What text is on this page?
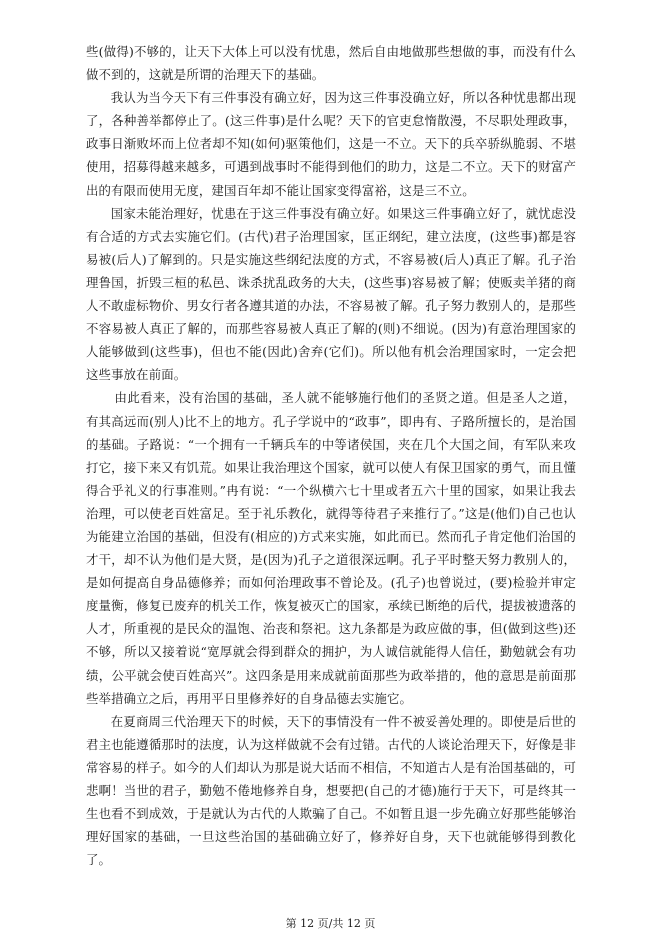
些(做得)不够的，让天下大体上可以没有忧患，然后自由地做那些想做的事，而没有什么做不到的，这就是所谓的治理天下的基础。

我认为当今天下有三件事没有确立好，因为这三件事没确立好，所以各种忧患都出现了，各种善举都停止了。(这三件事)是什么呢？天下的官吏怠惰散漫，不尽职处理政事，政事日渐败坏而上位者却不知(如何)驱策他们，这是一不立。天下的兵卒骄纵脆弱、不堪使用，招募得越来越多，可遇到战事时不能得到他们的助力，这是二不立。天下的财富产出的有限而使用无度，建国百年却不能让国家变得富裕，这是三不立。

国家未能治理好，忧患在于这三件事没有确立好。如果这三件事确立好了，就忧虑没有合适的方式去实施它们。(古代)君子治理国家，匡正纲纪，建立法度，(这些事)都是容易被(后人)了解到的。只是实施这些纲纪法度的方式，不容易被(后人)真正了解。孔子治理鲁国，折毁三桓的私邑、诛杀扰乱政务的大夫，(这些事)容易被了解；使贩卖羊猪的商人不敢虚标物价、男女行者各遵其道的办法，不容易被了解。孔子努力教别人的，是那些不容易被人真正了解的，而那些容易被人真正了解的(则)不细说。(因为)有意治理国家的人能够做到(这些事)，但也不能(因此)舍弃(它们)。所以他有机会治理国家时，一定会把这些事放在前面。

由此看来，没有治国的基础，圣人就不能够施行他们的圣贤之道。但是圣人之道，有其高远而(别人)比不上的地方。孔子学说中的“政事”，即冉有、子路所擅长的，是治国的基础。子路说：“一个拥有一千辆兵车的中等诸侯国，夹在几个大国之间，有军队来攻打它，接下来又有饥荒。如果让我治理这个国家，就可以使人有保卫国家的勇气，而且懂得合乎礼义的行事准则。”冉有说：“一个纵横六七十里或者五六十里的国家，如果让我去治理，可以使老百姓富足。至于礼乐教化，就得等待君子来推行了。”这是(他们)自己也认为能建立治国的基础，但没有(相应的)方式来实施，如此而已。然而孔子肯定他们治国的才干，却不认为他们是大贤，是(因为)孔子之道很深远啊。孔子平时整天努力教别人的，是如何提高自身品德修养；而如何治理政事不曾论及。(孔子)也曾说过，(要)检验并审定度量衡，修复已废弃的机关工作，恢复被灭亡的国家，承续已断绝的后代，提拔被遗落的人才，所重视的是民众的温饱、治丧和祭祀。这九条都是为政应做的事，但(做到这些)还不够，所以又接着说“宽厚就会得到群众的拥护，为人诚信就能得人信任，勤勉就会有功绩，公平就会使百姓高兴”。这四条是用来成就前面那些为政举措的，他的意思是前面那些举措确立之后，再用平日里修养好的自身品德去实施它。

在夏商周三代治理天下的时候，天下的事情没有一件不被妥善处理的。即使是后世的君主也能遵循那时的法度，认为这样做就不会有过错。古代的人谈论治理天下，好像是非常容易的样子。如今的人们却认为那是说大话而不相信，不知道古人是有治国基础的，可悲啊！当世的君子，勤勉不倦地修养自身，想要把(自己的才德)施行于天下，可是终其一生也看不到成效，于是就认为古代的人欺骗了自己。不如暂且退一步先确立好那些能够治理好国家的基础，一旦这些治国的基础确立好了，修养好自身，天下也就能够得到教化了。

第 12 页/共 12 页
